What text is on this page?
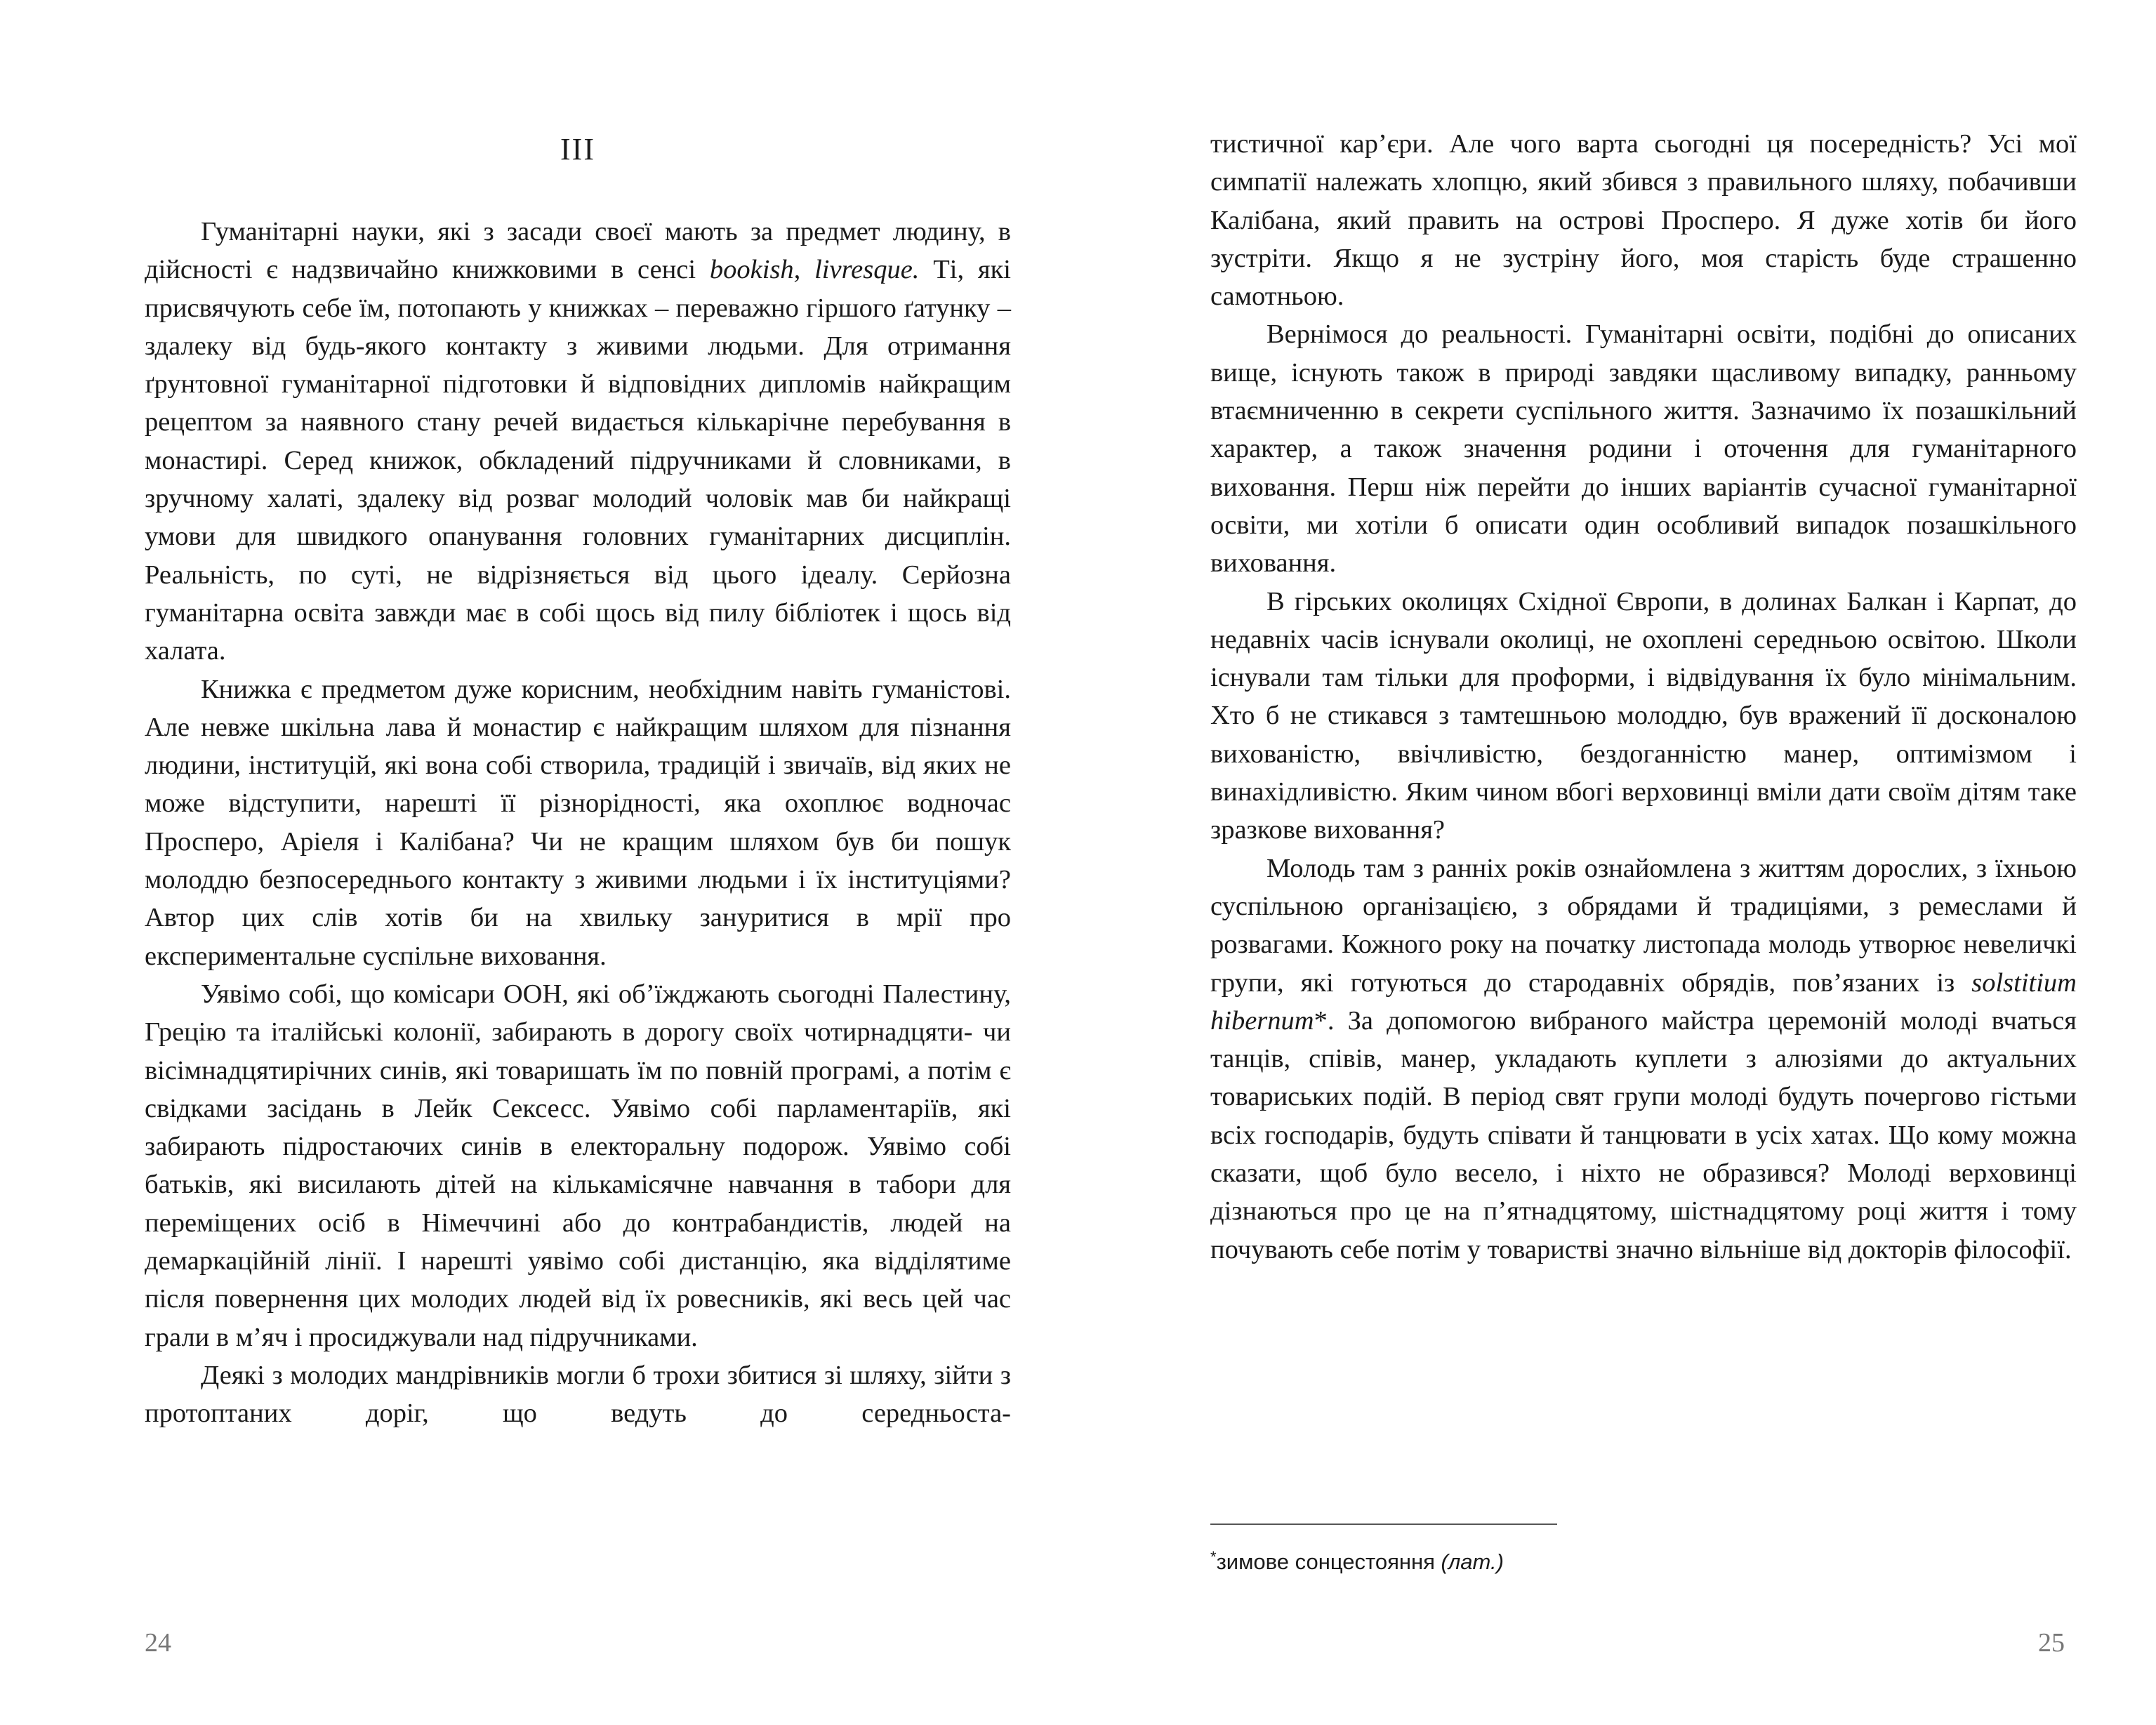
III

Гуманітарні науки, які з засади своєї мають за предмет людину, в дійсності є надзвичайно книжковими в сенсі bookish, livresque. Ті, які присвячують себе їм, потопають у книжках – переважно гіршого ґатунку – здалеку від будь-якого контакту з живими людьми. Для отримання ґрунтовної гуманітарної підготовки й відповідних дипломів найкращим рецептом за наявного стану речей видається кількарічне перебування в монастирі. Серед книжок, обкладений підручниками й словниками, в зручному халаті, здалеку від розваг молодий чоловік мав би найкращі умови для швидкого опанування головних гуманітарних дисциплін. Реальність, по суті, не відрізняється від цього ідеалу. Серйозна гуманітарна освіта завжди має в собі щось від пилу бібліотек і щось від халата.

Книжка є предметом дуже корисним, необхідним навіть гуманістові. Але невже шкільна лава й монастир є найкращим шляхом для пізнання людини, інституцій, які вона собі створила, традицій і звичаїв, від яких не може відступити, нарешті її різнорідності, яка охоплює водночас Просперо, Аріеля і Калібана? Чи не кращим шляхом був би пошук молоддю безпосереднього контакту з живими людьми і їх інституціями? Автор цих слів хотів би на хвильку зануритися в мрії про експериментальне суспільне виховання.

Уявімо собі, що комісари ООН, які об’їжджають сьогодні Палестину, Грецію та італійські колонії, забирають в дорогу своїх чотирнадцяти- чи вісімнадцятирічних синів, які товаришать їм по повній програмі, а потім є свідками засідань в Лейк Сексесс. Уявімо собі парламентаріїв, які забирають підростаючих синів в електоральну подорож. Уявімо собі батьків, які висилають дітей на кількамісячне навчання в табори для переміщених осіб в Німеччині або до контрабандистів, людей на демаркаційній лінії. І нарешті уявімо собі дистанцію, яка відділятиме після повернення цих молодих людей від їх ровесників, які весь цей час грали в м’яч і просиджували над підручниками.

Деякі з молодих мандрівників могли б трохи збитися зі шляху, зійти з протоптаних доріг, що ведуть до середньоста-

24

тистичної кар’єри. Але чого варта сьогодні ця посередність? Усі мої симпатії належать хлопцю, який збився з правильного шляху, побачивши Калібана, який править на острові Просперо. Я дуже хотів би його зустріти. Якщо я не зустріну його, моя старість буде страшенно самотньою.

Вернімося до реальності. Гуманітарні освіти, подібні до описаних вище, існують також в природі завдяки щасливому випадку, ранньому втаємниченню в секрети суспільного життя. Зазначимо їх позашкільний характер, а також значення родини і оточення для гуманітарного виховання. Перш ніж перейти до інших варіантів сучасної гуманітарної освіти, ми хотіли б описати один особливий випадок позашкільного виховання.

В гірських околицях Східної Європи, в долинах Балкан і Карпат, до недавніх часів існували околиці, не охоплені середньою освітою. Школи існували там тільки для проформи, і відвідування їх було мінімальним. Хто б не стикався з тамтешньою молоддю, був вражений її досконалою вихованістю, ввічливістю, бездоганністю манер, оптимізмом і винахідливістю. Яким чином вбогі верховинці вміли дати своїм дітям таке зразкове виховання?

Молодь там з ранніх років ознайомлена з життям дорослих, з їхньою суспільною організацією, з обрядами й традиціями, з ремеслами й розвагами. Кожного року на початку листопада молодь утворює невеличкі групи, які готуються до стародавніх обрядів, пов’язаних із solstitium hibernum*. За допомогою вибраного майстра церемоній молоді вчаться танців, співів, манер, укладають куплети з алюзіями до актуальних товариських подій. В період свят групи молоді будуть почергово гістьми всіх господарів, будуть співати й танцювати в усіх хатах. Що кому можна сказати, щоб було весело, і ніхто не образився? Молоді верховинці дізнаються про це на п’ятнадцятому, шістнадцятому році життя і тому почувають себе потім у товаристві значно вільніше від докторів філософії.

*зимове сонцестояння (лат.)
25
